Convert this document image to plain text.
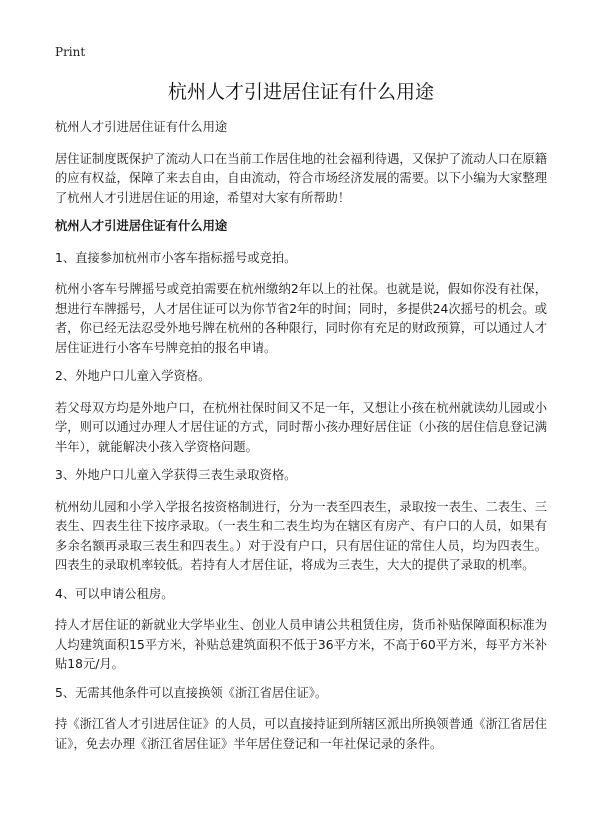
Print
杭州人才引进居住证有什么用途

杭州人才引进居住证有什么用途

居住证制度既保护了流动人口在当前工作居住地的社会福利待遇，又保护了流动人口在原籍的应有权益，保障了来去自由，自由流动，符合市场经济发展的需要。以下小编为大家整理了杭州人才引进居住证的用途，希望对大家有所帮助！

杭州人才引进居住证有什么用途

1、直接参加杭州市小客车指标摇号或竞拍。

杭州小客车号牌摇号或竞拍需要在杭州缴纳2年以上的社保。也就是说，假如你没有社保，想进行车牌摇号，人才居住证可以为你节省2年的时间；同时，多提供24次摇号的机会。或者，你已经无法忍受外地号牌在杭州的各种限行，同时你有充足的财政预算，可以通过人才居住证进行小客车号牌竞拍的报名申请。

2、外地户口儿童入学资格。

若父母双方均是外地户口，在杭州社保时间又不足一年，又想让小孩在杭州就读幼儿园或小学，则可以通过办理人才居住证的方式，同时帮小孩办理好居住证（小孩的居住信息登记满半年），就能解决小孩入学资格问题。

3、外地户口儿童入学获得三表生录取资格。

杭州幼儿园和小学入学报名按资格制进行，分为一表至四表生，录取按一表生、二表生、三表生、四表生往下按序录取。（一表生和二表生均为在辖区有房产、有户口的人员，如果有多余名额再录取三表生和四表生。）对于没有户口，只有居住证的常住人员，均为四表生。四表生的录取机率较低。若持有人才居住证，将成为三表生，大大的提供了录取的机率。

4、可以申请公租房。

持人才居住证的新就业大学毕业生、创业人员申请公共租赁住房，货币补贴保障面积标准为人均建筑面积15平方米，补贴总建筑面积不低于36平方米，不高于60平方米，每平方米补贴18元/月。

5、无需其他条件可以直接换领《浙江省居住证》。

持《浙江省人才引进居住证》的人员，可以直接持证到所辖区派出所换领普通《浙江省居住证》，免去办理《浙江省居住证》半年居住登记和一年社保记录的条件。
